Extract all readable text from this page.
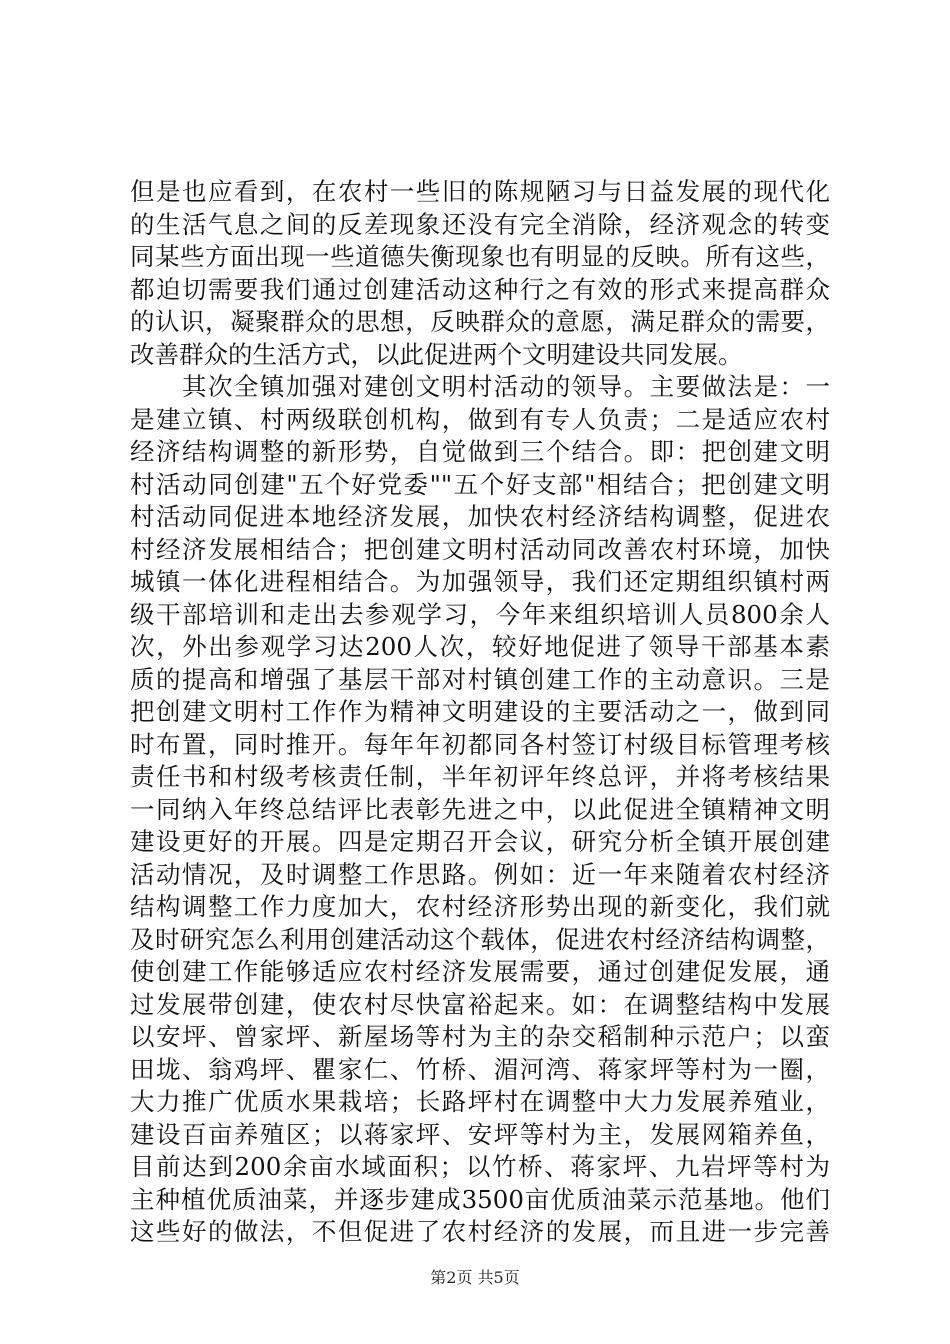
但是也应看到，在农村一些旧的陈规陋习与日益发展的现代化
的生活气息之间的反差现象还没有完全消除，经济观念的转变
同某些方面出现一些道德失衡现象也有明显的反映。所有这些，
都迫切需要我们通过创建活动这种行之有效的形式来提高群众
的认识，凝聚群众的思想，反映群众的意愿，满足群众的需要，
改善群众的生活方式，以此促进两个文明建设共同发展。
　　其次全镇加强对建创文明村活动的领导。主要做法是：一
是建立镇、村两级联创机构，做到有专人负责；二是适应农村
经济结构调整的新形势，自觉做到三个结合。即：把创建文明
村活动同创建"五个好党委""五个好支部"相结合；把创建文明
村活动同促进本地经济发展，加快农村经济结构调整，促进农
村经济发展相结合；把创建文明村活动同改善农村环境，加快
城镇一体化进程相结合。为加强领导，我们还定期组织镇村两
级干部培训和走出去参观学习，今年来组织培训人员800余人
次，外出参观学习达200人次，较好地促进了领导干部基本素
质的提高和增强了基层干部对村镇创建工作的主动意识。三是
把创建文明村工作作为精神文明建设的主要活动之一，做到同
时布置，同时推开。每年年初都同各村签订村级目标管理考核
责任书和村级考核责任制，半年初评年终总评，并将考核结果
一同纳入年终总结评比表彰先进之中，以此促进全镇精神文明
建设更好的开展。四是定期召开会议，研究分析全镇开展创建
活动情况，及时调整工作思路。例如：近一年来随着农村经济
结构调整工作力度加大，农村经济形势出现的新变化，我们就
及时研究怎么利用创建活动这个载体，促进农村经济结构调整，
使创建工作能够适应农村经济发展需要，通过创建促发展，通
过发展带创建，使农村尽快富裕起来。如：在调整结构中发展
以安坪、曾家坪、新屋场等村为主的杂交稻制种示范户；以蛮
田垅、翁鸡坪、瞿家仁、竹桥、湄河湾、蒋家坪等村为一圈，
大力推广优质水果栽培；长路坪村在调整中大力发展养殖业，
建设百亩养殖区；以蒋家坪、安坪等村为主，发展网箱养鱼，
目前达到200余亩水域面积；以竹桥、蒋家坪、九岩坪等村为
主种植优质油菜，并逐步建成3500亩优质油菜示范基地。他们
这些好的做法，不但促进了农村经济的发展，而且进一步完善
第2页 共5页
